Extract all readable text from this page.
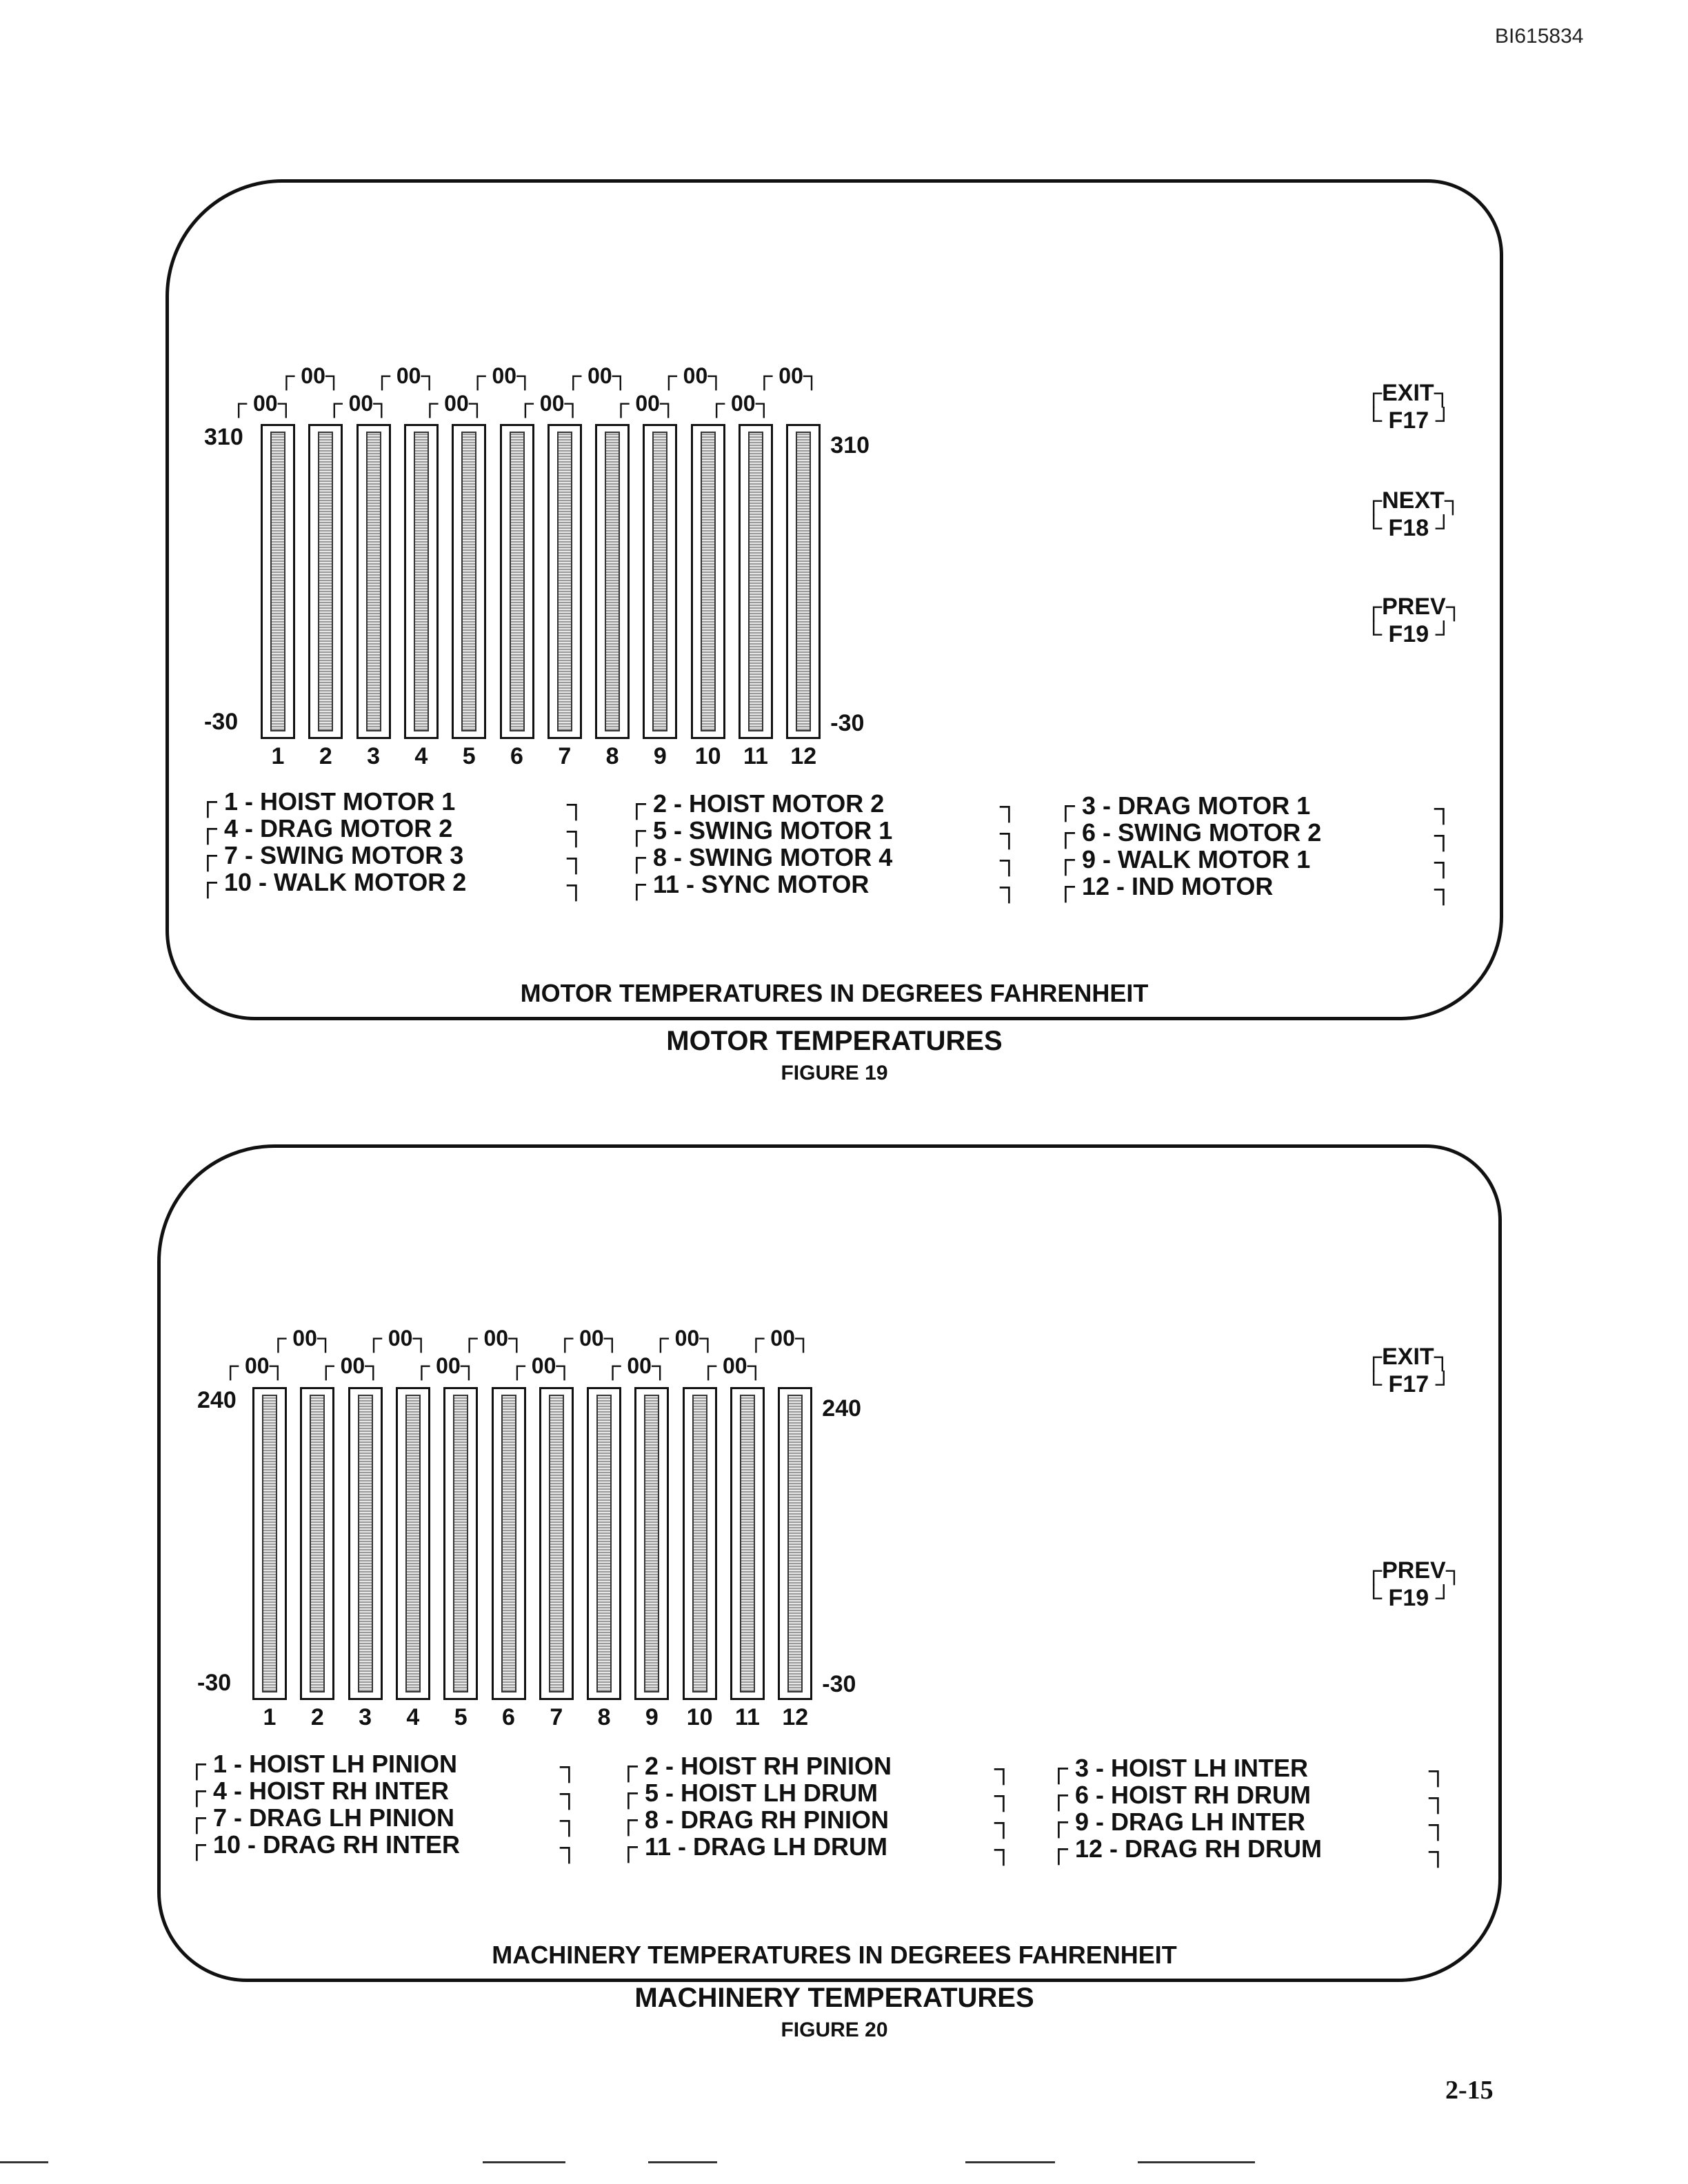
BI615834
310
-30
310
-30
1
┌ 00┐
2
┌ 00┐
3
┌ 00┐
4
┌ 00┐
5
┌ 00┐
6
┌ 00┐
7
┌ 00┐
8
┌ 00┐
9
┌ 00┐
10
┌ 00┐
11
┌ 00┐
12
┌ 00┐
┌ 1 - HOIST MOTOR 1	┐ ┌ 2 - HOIST MOTOR 2	┐ ┌ 3 - DRAG MOTOR 1	┐
┌ 4 - DRAG MOTOR 2	┐ ┌ 5 - SWING MOTOR 1	┐ ┌ 6 - SWING MOTOR 2	┐
┌ 7 - SWING MOTOR 3	┐ ┌ 8 - SWING MOTOR 4	┐ ┌ 9 - WALK MOTOR 1	┐
┌ 10 - WALK MOTOR 2	┐ ┌ 11 - SYNC MOTOR	┐ ┌ 12 - IND MOTOR	┐
┌EXIT┐
└ F17 ┘
┌NEXT┐
└ F18 ┘
┌PREV┐
└ F19 ┘
MOTOR TEMPERATURES IN DEGREES FAHRENHEIT
MOTOR TEMPERATURES
FIGURE 19
240
-30
240
-30
1
┌ 00┐
2
┌ 00┐
3
┌ 00┐
4
┌ 00┐
5
┌ 00┐
6
┌ 00┐
7
┌ 00┐
8
┌ 00┐
9
┌ 00┐
10
┌ 00┐
11
┌ 00┐
12
┌ 00┐
┌ 1 - HOIST LH PINION	┐ ┌ 2 - HOIST RH PINION	┐ ┌ 3 - HOIST LH INTER	┐
┌ 4 - HOIST RH INTER	┐ ┌ 5 - HOIST LH DRUM	┐ ┌ 6 - HOIST RH DRUM	┐
┌ 7 - DRAG LH PINION	┐ ┌ 8 - DRAG RH PINION	┐ ┌ 9 - DRAG LH INTER	┐
┌ 10 - DRAG RH INTER	┐ ┌ 11 - DRAG LH DRUM	┐ ┌ 12 - DRAG RH DRUM	┐
┌EXIT┐
└ F17 ┘
┌PREV┐
└ F19 ┘
MACHINERY TEMPERATURES IN DEGREES FAHRENHEIT
MACHINERY TEMPERATURES
FIGURE 20
2-15
